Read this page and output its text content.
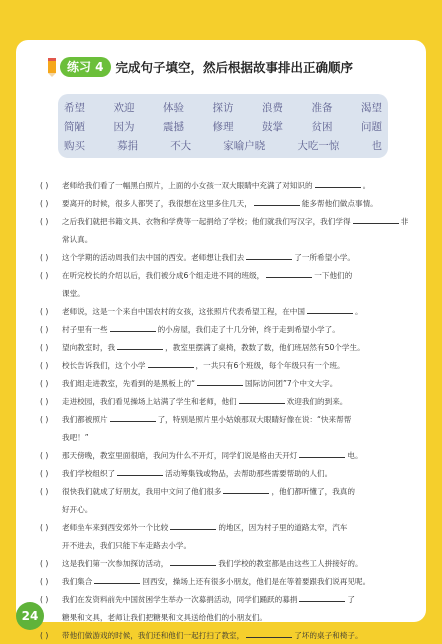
练习 4 完成句子填空，然后根据故事排出正确顺序
希望	欢迎	体验	探访	浪费	准备	渴望
简陋	因为	震撼	修理	鼓掌	贫困	问题
购买	募捐	不大	家喻户晓	大吃一惊	也
( )	老师给我们看了一幅黑白照片，上面的小女孩一双大眼睛中充满了对知识的	。
( )	要离开的时候，很多人都哭了，我很想在这里多住几天，	能多帮他们做点事情。
( )	之后我们就把书籍文具、衣物和学费等一起捐给了学校；他们就我们写汉字，我们学得	非
常认真。
( )	这个学期的活动周我们去中国的西安。老师想让我们去	了一所希望小学。
( )	在听完校长的介绍以后，我们被分成6个组走进不同的班级，	一下他们的
课堂。
( )	老师说，这是一个来自中国农村的女孩，这张照片代表希望工程，在中国	。
( )	村子里有一些	的小房屋，我们走了十几分钟，终于走到希望小学了。
( )	望向教室时，我	，教室里摆满了桌椅，教数了数，他们班居然有50个学生。
( )	校长告诉我们，这个小学	，一共只有6个班级，每个年级只有一个班。
( )	我们组走进教室，先看到的是黑板上的“	国际访问团”7个中文大字。
( )	走进校园，我们看见操场上站满了学生和老师，他们	欢迎我们的到来。
( )	我们都被照片	了，特别是照片里小姑娘那双大眼睛好像在说：“快来帮帮
我吧！”
( )	那天傍晚，教室里面很暗，我问为什么不开灯，同学们说是格由天开灯	电。
( )	我们学校组织了	活动筹集钱或物品，去帮助那些需要帮助的人们。
( )	很快我们就成了好朋友，我用中文问了他们很多	，他们都听懂了，我真的
好开心。
( )	老师坐车来到西安郊外一个比较	的地区，因为村子里的道路太窄，汽车
开不进去，我们只能下车走路去小学。
( )	这是我们第一次参加探访活动，	我们学校的教室都是由这些工人拼接好的。
( )	我们集合	回西安，操场上还有很多小朋友，他们是在等着要跟我们说再见呢。
( )	我们在发资料前先中国贫困学生举办一次募捐活动，同学们踊跃的募捐	了
糖果和文具，老师让我们把糖果和文具送给他们的小朋友们。
( )	带他们做游戏的时候，我们还和他们一起打扫了教室，	了坏的桌子和椅子。
24
